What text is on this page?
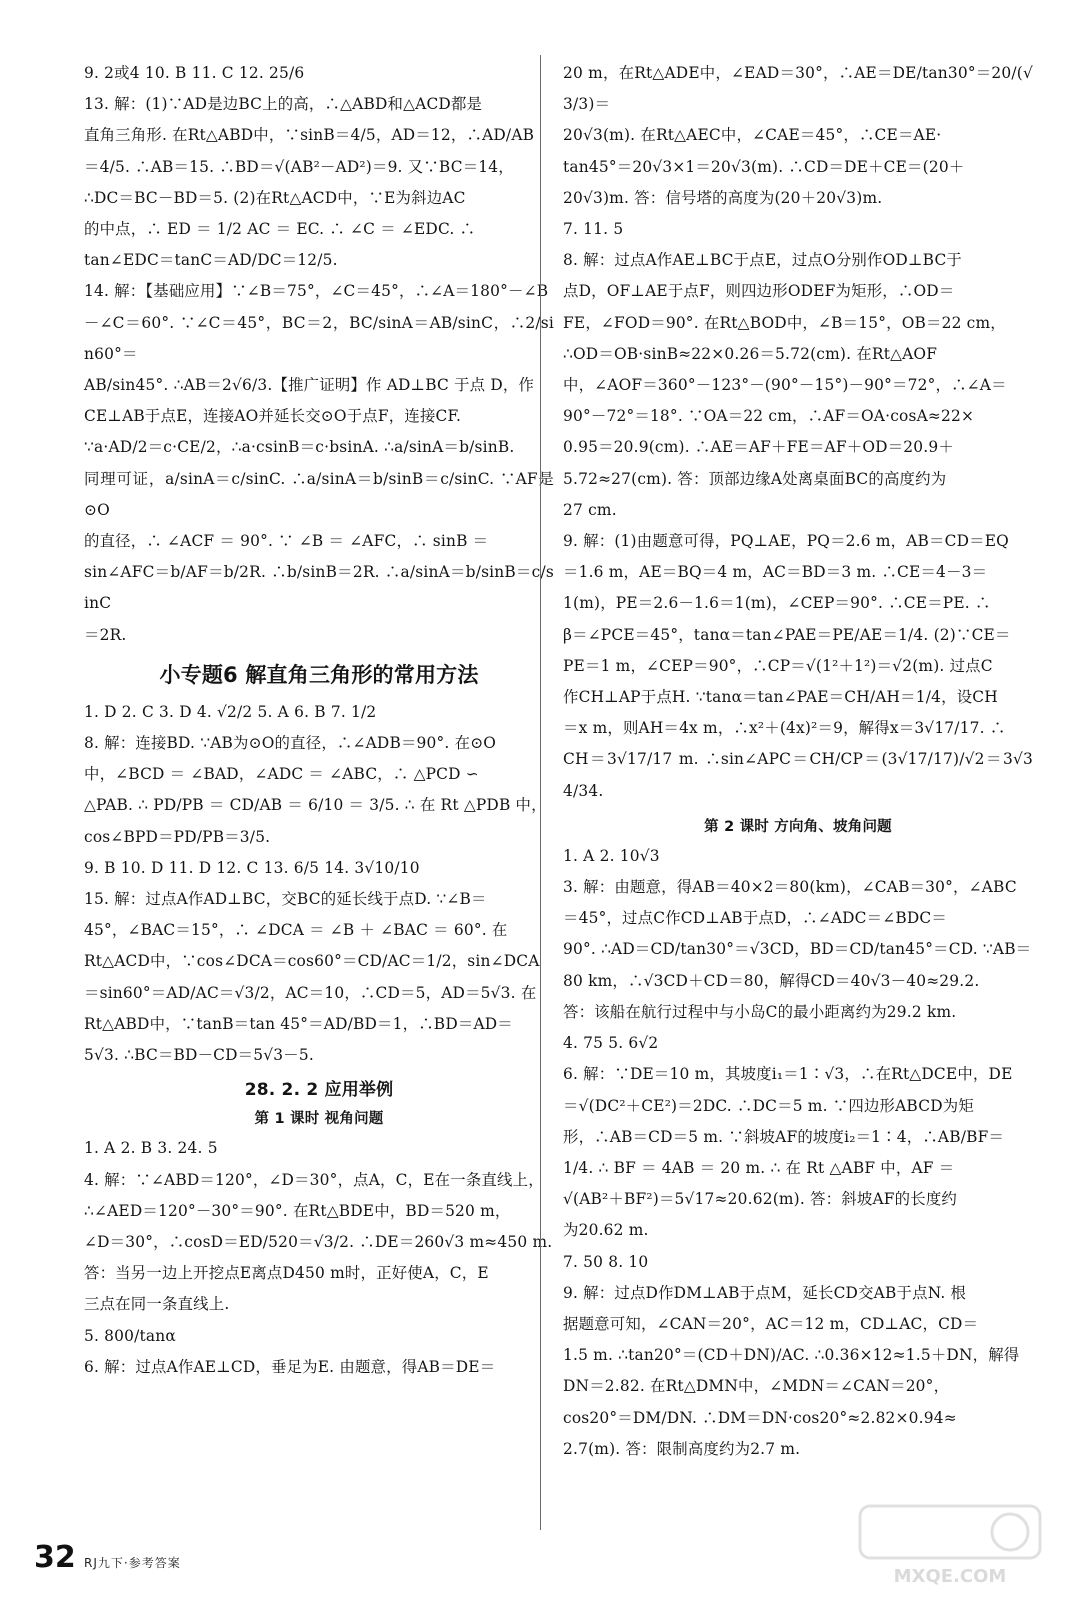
9. 2或4 10. B 11. C 12. 25/6
13. 解：(1)∵AD是边BC上的高，∴△ABD和△ACD都是
直角三角形. 在Rt△ABD中，∵sinB＝4/5，AD＝12，∴AD/AB
＝4/5. ∴AB＝15. ∴BD＝√(AB²－AD²)＝9. 又∵BC＝14，
∴DC＝BC－BD＝5. (2)在Rt△ACD中，∵E为斜边AC
的中点，∴ ED ＝ 1/2 AC ＝ EC. ∴ ∠C ＝ ∠EDC. ∴
tan∠EDC＝tanC＝AD/DC＝12/5.
14. 解：【基础应用】∵∠B＝75°，∠C＝45°，∴∠A＝180°－∠B
－∠C＝60°. ∵∠C＝45°，BC＝2，BC/sinA＝AB/sinC，∴2/sin60°＝
AB/sin45°. ∴AB＝2√6/3.【推广证明】作 AD⊥BC 于点 D，作
CE⊥AB于点E，连接AO并延长交⊙O于点F，连接CF.
∵a·AD/2＝c·CE/2，∴a·csinB＝c·bsinA. ∴a/sinA＝b/sinB.
同理可证，a/sinA＝c/sinC. ∴a/sinA＝b/sinB＝c/sinC. ∵AF是⊙O
的直径，∴ ∠ACF ＝ 90°. ∵ ∠B ＝ ∠AFC，∴ sinB ＝
sin∠AFC＝b/AF＝b/2R. ∴b/sinB＝2R. ∴a/sinA＝b/sinB＝c/sinC
＝2R.
小专题6 解直角三角形的常用方法
1. D 2. C 3. D 4. √2/2 5. A 6. B 7. 1/2
8. 解：连接BD. ∵AB为⊙O的直径，∴∠ADB＝90°. 在⊙O
中，∠BCD ＝ ∠BAD，∠ADC ＝ ∠ABC，∴ △PCD ∽
△PAB. ∴ PD/PB ＝ CD/AB ＝ 6/10 ＝ 3/5. ∴ 在 Rt △PDB 中，
cos∠BPD＝PD/PB＝3/5.
9. B 10. D 11. D 12. C 13. 6/5 14. 3√10/10
15. 解：过点A作AD⊥BC，交BC的延长线于点D. ∵∠B＝
45°，∠BAC＝15°，∴ ∠DCA ＝ ∠B ＋ ∠BAC ＝ 60°. 在
Rt△ACD中，∵cos∠DCA＝cos60°＝CD/AC＝1/2，sin∠DCA
＝sin60°＝AD/AC＝√3/2，AC＝10，∴CD＝5，AD＝5√3. 在
Rt△ABD中，∵tanB＝tan 45°＝AD/BD＝1，∴BD＝AD＝
5√3. ∴BC＝BD－CD＝5√3－5.
28. 2. 2 应用举例
第 1 课时 视角问题
1. A 2. B 3. 24. 5
4. 解：∵∠ABD＝120°，∠D＝30°，点A，C，E在一条直线上，
∴∠AED＝120°－30°＝90°. 在Rt△BDE中，BD＝520 m，
∠D＝30°，∴cosD＝ED/520＝√3/2. ∴DE＝260√3 m≈450 m.
答：当另一边上开挖点E离点D450 m时，正好使A，C，E
三点在同一条直线上.
5. 800/tanα
6. 解：过点A作AE⊥CD，垂足为E. 由题意，得AB＝DE＝
20 m，在Rt△ADE中，∠EAD＝30°，∴AE＝DE/tan30°＝20/(√3/3)＝
20√3(m). 在Rt△AEC中，∠CAE＝45°，∴CE＝AE·
tan45°＝20√3×1＝20√3(m). ∴CD＝DE＋CE＝(20＋
20√3)m. 答：信号塔的高度为(20＋20√3)m.
7. 11. 5
8. 解：过点A作AE⊥BC于点E，过点O分别作OD⊥BC于
点D，OF⊥AE于点F，则四边形ODEF为矩形，∴OD＝
FE，∠FOD＝90°. 在Rt△BOD中，∠B＝15°，OB＝22 cm，
∴OD＝OB·sinB≈22×0.26＝5.72(cm). 在Rt△AOF
中，∠AOF＝360°－123°－(90°－15°)－90°＝72°，∴∠A＝
90°－72°＝18°. ∵OA＝22 cm，∴AF＝OA·cosA≈22×
0.95＝20.9(cm). ∴AE＝AF＋FE＝AF＋OD＝20.9＋
5.72≈27(cm). 答：顶部边缘A处离桌面BC的高度约为
27 cm.
9. 解：(1)由题意可得，PQ⊥AE，PQ＝2.6 m，AB＝CD＝EQ
＝1.6 m，AE＝BQ＝4 m，AC＝BD＝3 m. ∴CE＝4－3＝
1(m)，PE＝2.6－1.6＝1(m)，∠CEP＝90°. ∴CE＝PE. ∴
β＝∠PCE＝45°，tanα＝tan∠PAE＝PE/AE＝1/4. (2)∵CE＝
PE＝1 m，∠CEP＝90°，∴CP＝√(1²＋1²)＝√2(m). 过点C
作CH⊥AP于点H. ∵tanα＝tan∠PAE＝CH/AH＝1/4，设CH
＝x m，则AH＝4x m，∴x²＋(4x)²＝9，解得x＝3√17/17. ∴
CH＝3√17/17 m. ∴sin∠APC＝CH/CP＝(3√17/17)/√2＝3√34/34.
第 2 课时 方向角、坡角问题
1. A 2. 10√3
3. 解：由题意，得AB＝40×2＝80(km)，∠CAB＝30°，∠ABC
＝45°，过点C作CD⊥AB于点D，∴∠ADC＝∠BDC＝
90°. ∴AD＝CD/tan30°＝√3CD，BD＝CD/tan45°＝CD. ∵AB＝
80 km，∴√3CD＋CD＝80，解得CD＝40√3－40≈29.2.
答：该船在航行过程中与小岛C的最小距离约为29.2 km.
4. 75 5. 6√2
6. 解：∵DE＝10 m，其坡度i₁＝1∶√3，∴在Rt△DCE中，DE
＝√(DC²＋CE²)＝2DC. ∴DC＝5 m. ∵四边形ABCD为矩
形，∴AB＝CD＝5 m. ∵斜坡AF的坡度i₂＝1∶4，∴AB/BF＝
1/4. ∴ BF ＝ 4AB ＝ 20 m. ∴ 在 Rt △ABF 中，AF ＝
√(AB²＋BF²)＝5√17≈20.62(m). 答：斜坡AF的长度约
为20.62 m.
7. 50 8. 10
9. 解：过点D作DM⊥AB于点M，延长CD交AB于点N. 根
据题意可知，∠CAN＝20°，AC＝12 m，CD⊥AC，CD＝
1.5 m. ∴tan20°＝(CD＋DN)/AC. ∴0.36×12≈1.5＋DN，解得
DN＝2.82. 在Rt△DMN中，∠MDN＝∠CAN＝20°，
cos20°＝DM/DN. ∴DM＝DN·cos20°≈2.82×0.94≈
2.7(m). 答：限制高度约为2.7 m.
32 RJ九下·参考答案
MXQE.COM
